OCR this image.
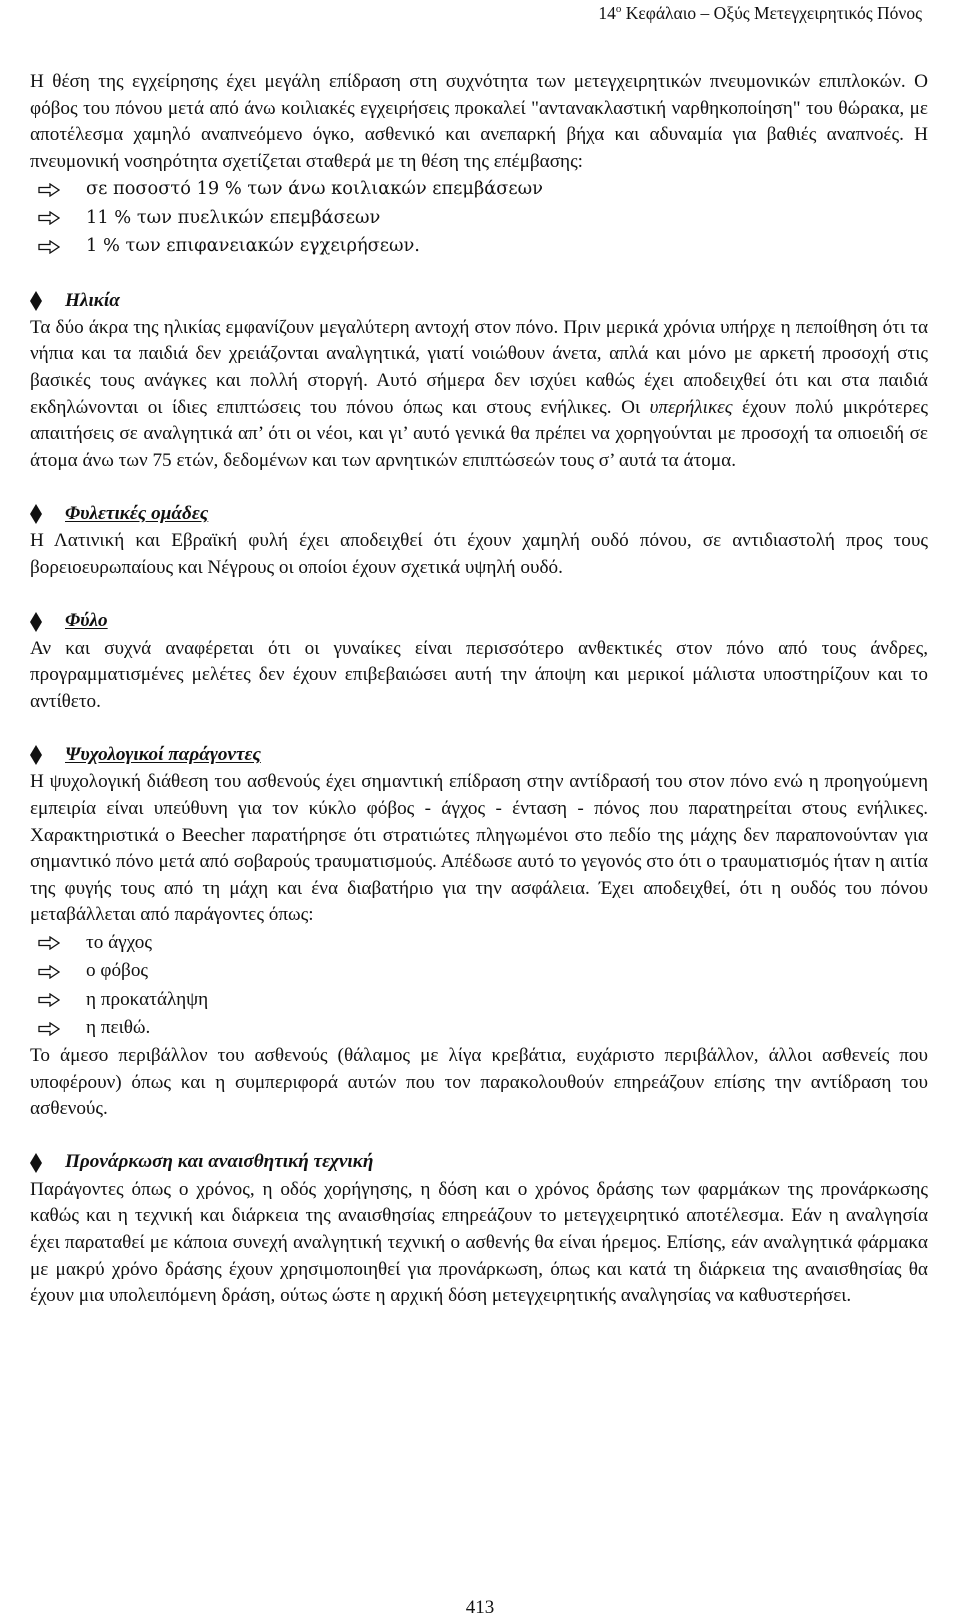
$14^o$ Κεφάλαιο – Οξύς Μετεγχειρητικός Πόνος

Η θέση της εγχείρησης έχει μεγάλη επίδραση στη συχνότητα των μετεγχειρητικών πνευμονικών επιπλοκών. Ο φόβος του πόνου μετά από άνω κοιλιακές εγχειρήσεις προκαλεί "αντανακλαστική ναρθηκοποίηση" του θώρακα, με αποτέλεσμα χαμηλό αναπνεόμενο όγκο, ασθενικό και ανεπαρκή βήχα και αδυναμία για βαθιές αναπνοές. Η πνευμονική νοσηρότητα σχετίζεται σταθερά με τη θέση της επέμβασης:

σε ποσοστό 19 % των άνω κοιλιακών επεμβάσεων
11 % των πυελικών επεμβάσεων
1 % των επιφανειακών εγχειρήσεων.
Ηλικία

Τα δύο άκρα της ηλικίας εμφανίζουν μεγαλύτερη αντοχή στον πόνο. Πριν μερικά χρόνια υπήρχε η πεποίθηση ότι τα νήπια και τα παιδιά δεν χρειάζονται αναλγητικά, γιατί νοιώθουν άνετα, απλά και μόνο με αρκετή προσοχή στις βασικές τους ανάγκες και πολλή στοργή. Αυτό σήμερα δεν ισχύει καθώς έχει αποδειχθεί ότι και στα παιδιά εκδηλώνονται οι ίδιες επιπτώσεις του πόνου όπως και στους ενήλικες. Οι υπερήλικες έχουν πολύ μικρότερες απαιτήσεις σε αναλγητικά απ’ ότι οι νέοι, και γι’ αυτό γενικά θα πρέπει να χορηγούνται με προσοχή τα οπιοειδή σε άτομα άνω των 75 ετών, δεδομένων και των αρνητικών επιπτώσεών τους σ’ αυτά τα άτομα.

Φυλετικές ομάδες

Η Λατινική και Εβραϊκή φυλή έχει αποδειχθεί ότι έχουν χαμηλή ουδό πόνου, σε αντιδιαστολή προς τους βορειοευρωπαίους και Νέγρους οι οποίοι έχουν σχετικά υψηλή ουδό.

Φύλο

Αν και συχνά αναφέρεται ότι οι γυναίκες είναι περισσότερο ανθεκτικές στον πόνο από τους άνδρες, προγραμματισμένες μελέτες δεν έχουν επιβεβαιώσει αυτή την άποψη και μερικοί μάλιστα υποστηρίζουν και το αντίθετο.

Ψυχολογικοί παράγοντες

Η ψυχολογική διάθεση του ασθενούς έχει σημαντική επίδραση στην αντίδρασή του στον πόνο ενώ η προηγούμενη εμπειρία είναι υπεύθυνη για τον κύκλο φόβος - άγχος - ένταση - πόνος που παρατηρείται στους ενήλικες. Χαρακτηριστικά ο Beecher παρατήρησε ότι στρατιώτες πληγωμένοι στο πεδίο της μάχης δεν παραπονούνταν για σημαντικό πόνο μετά από σοβαρούς τραυματισμούς. Απέδωσε αυτό το γεγονός στο ότι ο τραυματισμός ήταν η αιτία της φυγής τους από τη μάχη και ένα διαβατήριο για την ασφάλεια. Έχει αποδειχθεί, ότι η ουδός του πόνου μεταβάλλεται από παράγοντες όπως:

το άγχος
ο φόβος
η προκατάληψη
η πειθώ.

Το άμεσο περιβάλλον του ασθενούς (θάλαμος με λίγα κρεβάτια, ευχάριστο περιβάλλον, άλλοι ασθενείς που υποφέρουν) όπως και η συμπεριφορά αυτών που τον παρακολουθούν επηρεάζουν επίσης την αντίδραση του ασθενούς.

Προνάρκωση και αναισθητική τεχνική

Παράγοντες όπως ο χρόνος, η οδός χορήγησης, η δόση και ο χρόνος δράσης των φαρμάκων της προνάρκωσης καθώς και η τεχνική και διάρκεια της αναισθησίας επηρεάζουν το μετεγχειρητικό αποτέλεσμα. Εάν η αναλγησία έχει παραταθεί με κάποια συνεχή αναλγητική τεχνική ο ασθενής θα είναι ήρεμος. Επίσης, εάν αναλγητικά φάρμακα με μακρύ χρόνο δράσης έχουν χρησιμοποιηθεί για προνάρκωση, όπως και κατά τη διάρκεια της αναισθησίας θα έχουν μια υπολειπόμενη δράση, ούτως ώστε η αρχική δόση μετεγχειρητικής αναλγησίας να καθυστερήσει.

413
